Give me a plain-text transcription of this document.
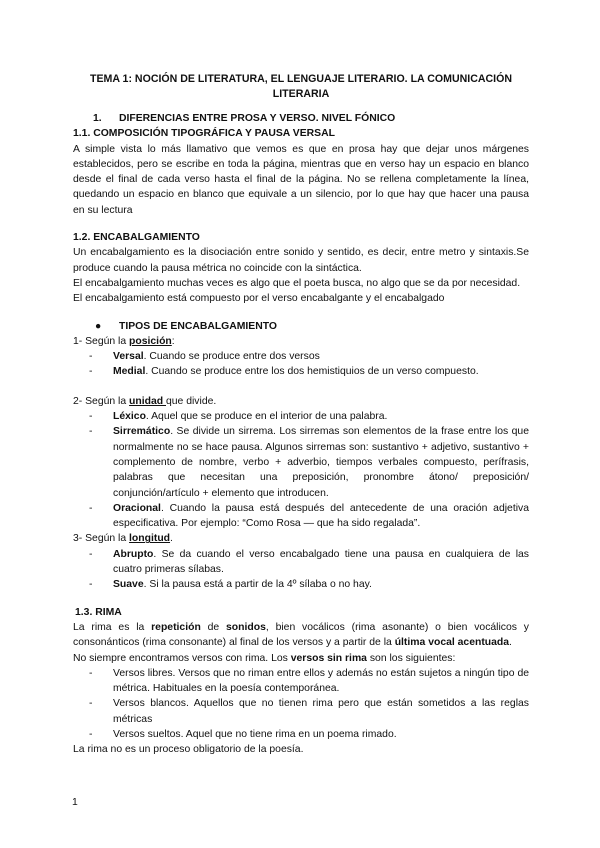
TEMA 1: NOCIÓN DE LITERATURA, EL LENGUAJE LITERARIO. LA COMUNICACIÓN LITERARIA
1.	DIFERENCIAS ENTRE PROSA Y VERSO. NIVEL FÓNICO
1.1. COMPOSICIÓN TIPOGRÁFICA Y PAUSA VERSAL

A simple vista lo más llamativo que vemos es que en prosa hay que dejar unos márgenes establecidos, pero se escribe en toda la página, mientras que en verso hay un espacio en blanco desde el final de cada verso hasta el final de la página. No se rellena completamente la línea, quedando un espacio en blanco que equivale a un silencio, por lo que hay que hacer una pausa en su lectura

1.2. ENCABALGAMIENTO

Un encabalgamiento es la disociación entre sonido y sentido, es decir, entre metro y sintaxis.Se produce cuando la pausa métrica no coincide con la sintáctica.

El encabalgamiento muchas veces es algo que el poeta busca, no algo que se da por necesidad.

El encabalgamiento está compuesto por el verso encabalgante y el encabalgado

●	TIPOS DE ENCABALGAMIENTO
1- Según la posición:
-	Versal. Cuando se produce entre dos versos
-	Medial. Cuando se produce entre los dos hemistiquios de un verso compuesto.
2- Según la unidad que divide.
-	Léxico. Aquel que se produce en el interior de una palabra.
-	Sirremático. Se divide un sirrema. Los sirremas son elementos de la frase entre los que normalmente no se hace pausa. Algunos sirremas son: sustantivo + adjetivo, sustantivo + complemento de nombre, verbo + adverbio, tiempos verbales compuesto, perífrasis, palabras que necesitan una preposición, pronombre átono/ preposición/ conjunción/artículo + elemento que introducen.
-	Oracional. Cuando la pausa está después del antecedente de una oración adjetiva especificativa. Por ejemplo: “Como Rosa — que ha sido regalada”.
3- Según la longitud.
-	Abrupto. Se da cuando el verso encabalgado tiene una pausa en cualquiera de las cuatro primeras sílabas.
-	Suave. Si la pausa está a partir de la 4º sílaba o no hay.
1.3. RIMA

La rima es la repetición de sonidos, bien vocálicos (rima asonante) o bien vocálicos y consonánticos (rima consonante) al final de los versos y a partir de la última vocal acentuada.

No siempre encontramos versos con rima. Los versos sin rima son los siguientes:

-	Versos libres. Versos que no riman entre ellos y además no están sujetos a ningún tipo de métrica. Habituales en la poesía contemporánea.
-	Versos blancos. Aquellos que no tienen rima pero que están sometidos a las reglas métricas
-	Versos sueltos. Aquel que no tiene rima en un poema rimado.

La rima no es un proceso obligatorio de la poesía.

1
